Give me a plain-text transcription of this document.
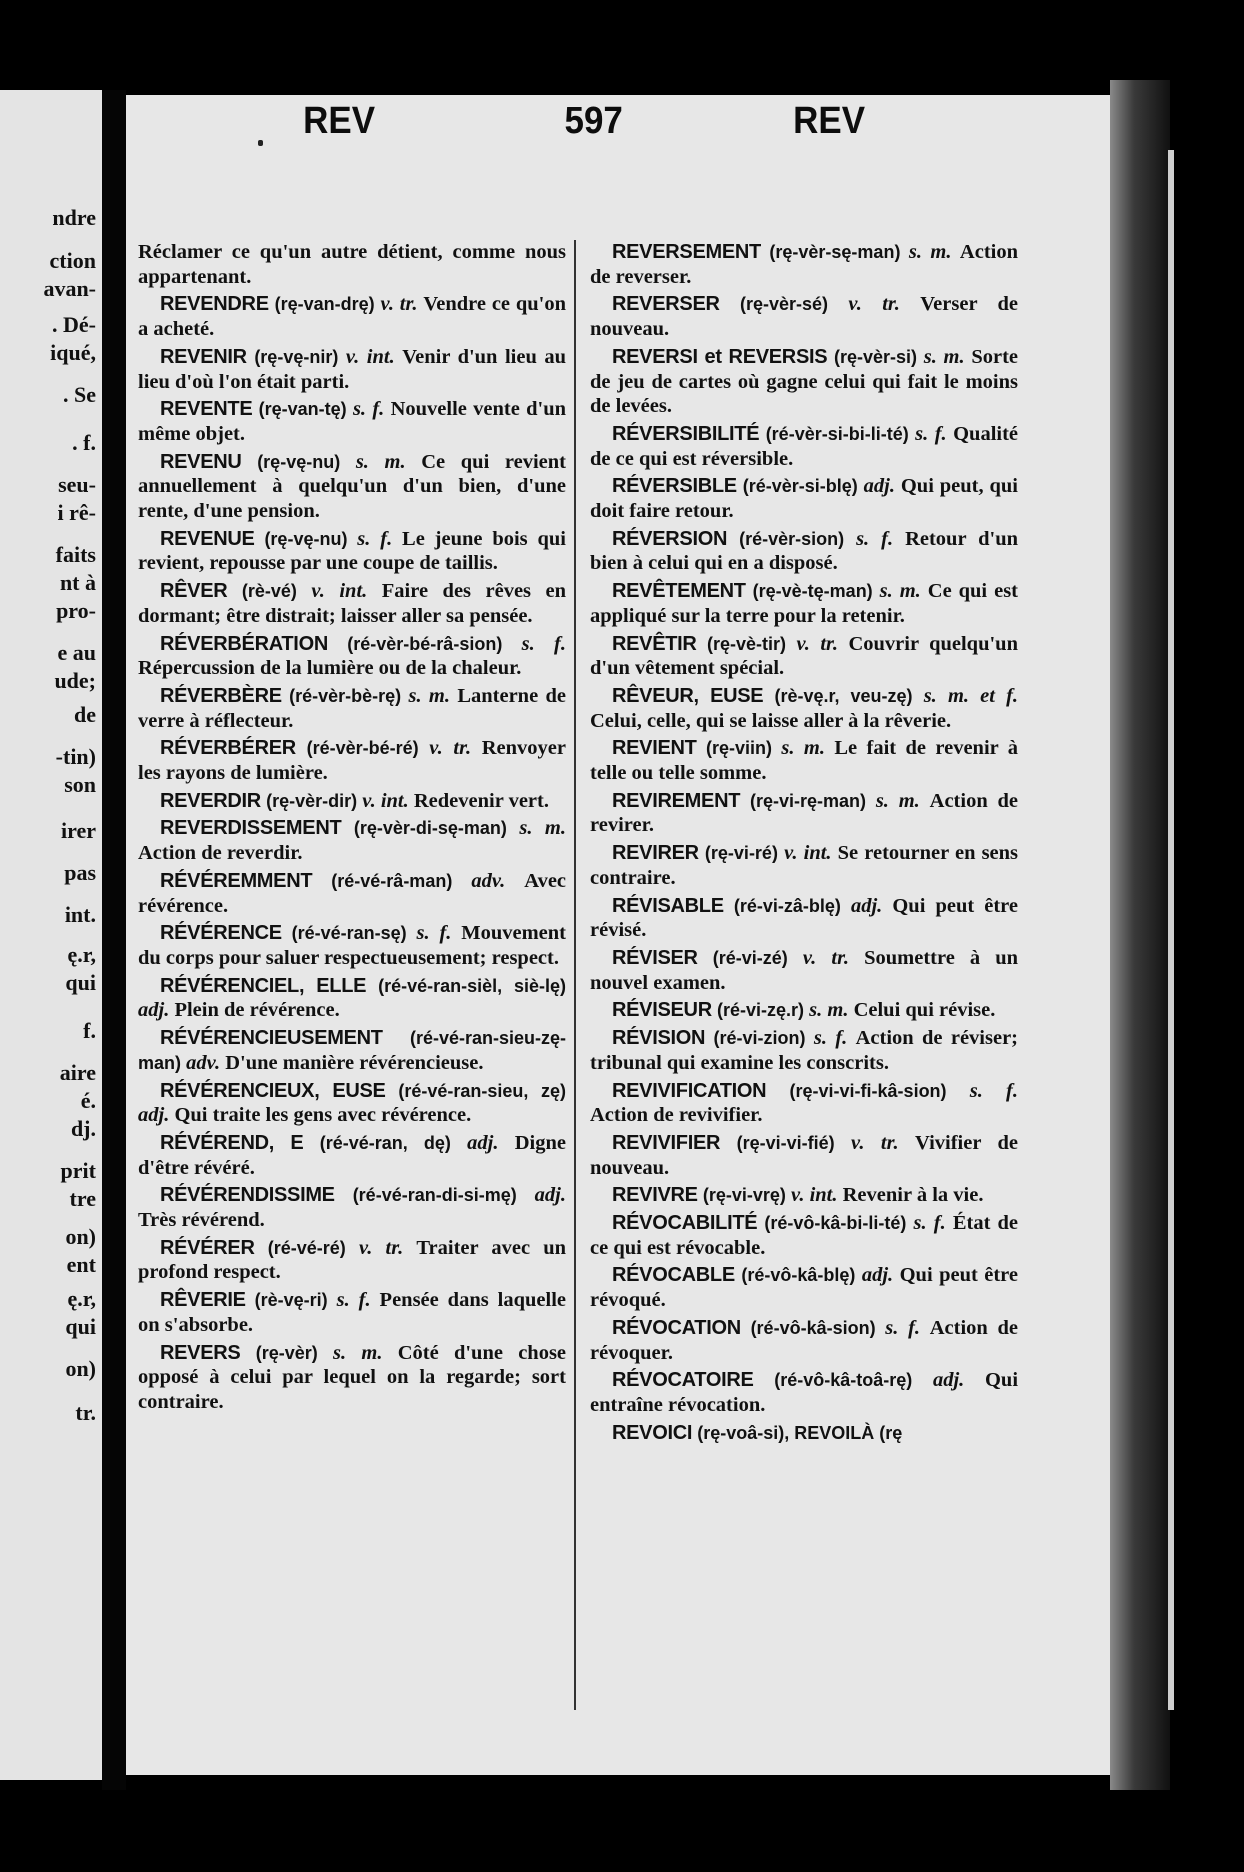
ndre
ction
avan-
. Dé-
iqué,
. Se
. f.
seu-
i rê-
faits
nt à
pro-
e au
ude;
de
-tin)
son
irer
pas
int.
ę.r,
qui
f.
aire
é.
dj.
prit
tre
on)
ent
ę.r,
qui
on)
tr.
REV	597	REV
Réclamer ce qu'un autre détient, comme nous appartenant.
REVENDRE (rę-van-drę) v. tr. Vendre ce qu'on a acheté.
REVENIR (rę-vę-nir) v. int. Venir d'un lieu au lieu d'où l'on était parti.
REVENTE (rę-van-tę) s. f. Nouvelle vente d'un même objet.
REVENU (rę-vę-nu) s. m. Ce qui revient annuellement à quelqu'un d'un bien, d'une rente, d'une pension.
REVENUE (rę-vę-nu) s. f. Le jeune bois qui revient, repousse par une coupe de taillis.
RÊVER (rè-vé) v. int. Faire des rêves en dormant; être distrait; laisser aller sa pensée.
RÉVERBÉRATION (ré-vèr-bé-râ-sion) s. f. Répercussion de la lumière ou de la chaleur.
RÉVERBÈRE (ré-vèr-bè-rę) s. m. Lanterne de verre à réflecteur.
RÉVERBÉRER (ré-vèr-bé-ré) v. tr. Renvoyer les rayons de lumière.
REVERDIR (rę-vèr-dir) v. int. Redevenir vert.
REVERDISSEMENT (rę-vèr-di-sę-man) s. m. Action de reverdir.
RÉVÉREMMENT (ré-vé-râ-man) adv. Avec révérence.
RÉVÉRENCE (ré-vé-ran-sę) s. f. Mouvement du corps pour saluer respectueusement; respect.
RÉVÉRENCIEL, ELLE (ré-vé-ran-sièl, siè-lę) adj. Plein de révérence.
RÉVÉRENCIEUSEMENT (ré-vé-ran-sieu-zę-man) adv. D'une manière révérencieuse.
RÉVÉRENCIEUX, EUSE (ré-vé-ran-sieu, zę) adj. Qui traite les gens avec révérence.
RÉVÉREND, E (ré-vé-ran, dę) adj. Digne d'être révéré.
RÉVÉRENDISSIME (ré-vé-ran-di-si-mę) adj. Très révérend.
RÉVÉRER (ré-vé-ré) v. tr. Traiter avec un profond respect.
RÊVERIE (rè-vę-ri) s. f. Pensée dans laquelle on s'absorbe.
REVERS (rę-vèr) s. m. Côté d'une chose opposé à celui par lequel on la regarde; sort contraire.
REVERSEMENT (rę-vèr-sę-man) s. m. Action de reverser.
REVERSER (rę-vèr-sé) v. tr. Verser de nouveau.
REVERSI et REVERSIS (rę-vèr-si) s. m. Sorte de jeu de cartes où gagne celui qui fait le moins de levées.
RÉVERSIBILITÉ (ré-vèr-si-bi-li-té) s. f. Qualité de ce qui est réversible.
RÉVERSIBLE (ré-vèr-si-blę) adj. Qui peut, qui doit faire retour.
RÉVERSION (ré-vèr-sion) s. f. Retour d'un bien à celui qui en a disposé.
REVÊTEMENT (rę-vè-tę-man) s. m. Ce qui est appliqué sur la terre pour la retenir.
REVÊTIR (rę-vè-tir) v. tr. Couvrir quelqu'un d'un vêtement spécial.
RÊVEUR, EUSE (rè-vę.r, veu-zę) s. m. et f. Celui, celle, qui se laisse aller à la rêverie.
REVIENT (rę-viin) s. m. Le fait de revenir à telle ou telle somme.
REVIREMENT (rę-vi-rę-man) s. m. Action de revirer.
REVIRER (rę-vi-ré) v. int. Se retourner en sens contraire.
RÉVISABLE (ré-vi-zâ-blę) adj. Qui peut être révisé.
RÉVISER (ré-vi-zé) v. tr. Soumettre à un nouvel examen.
RÉVISEUR (ré-vi-zę.r) s. m. Celui qui révise.
RÉVISION (ré-vi-zion) s. f. Action de réviser; tribunal qui examine les conscrits.
REVIVIFICATION (rę-vi-vi-fi-kâ-sion) s. f. Action de revivifier.
REVIVIFIER (rę-vi-vi-fié) v. tr. Vivifier de nouveau.
REVIVRE (rę-vi-vrę) v. int. Revenir à la vie.
RÉVOCABILITÉ (ré-vô-kâ-bi-li-té) s. f. État de ce qui est révocable.
RÉVOCABLE (ré-vô-kâ-blę) adj. Qui peut être révoqué.
RÉVOCATION (ré-vô-kâ-sion) s. f. Action de révoquer.
RÉVOCATOIRE (ré-vô-kâ-toâ-rę) adj. Qui entraîne révocation.
REVOICI (rę-voâ-si), REVOILÀ (rę
